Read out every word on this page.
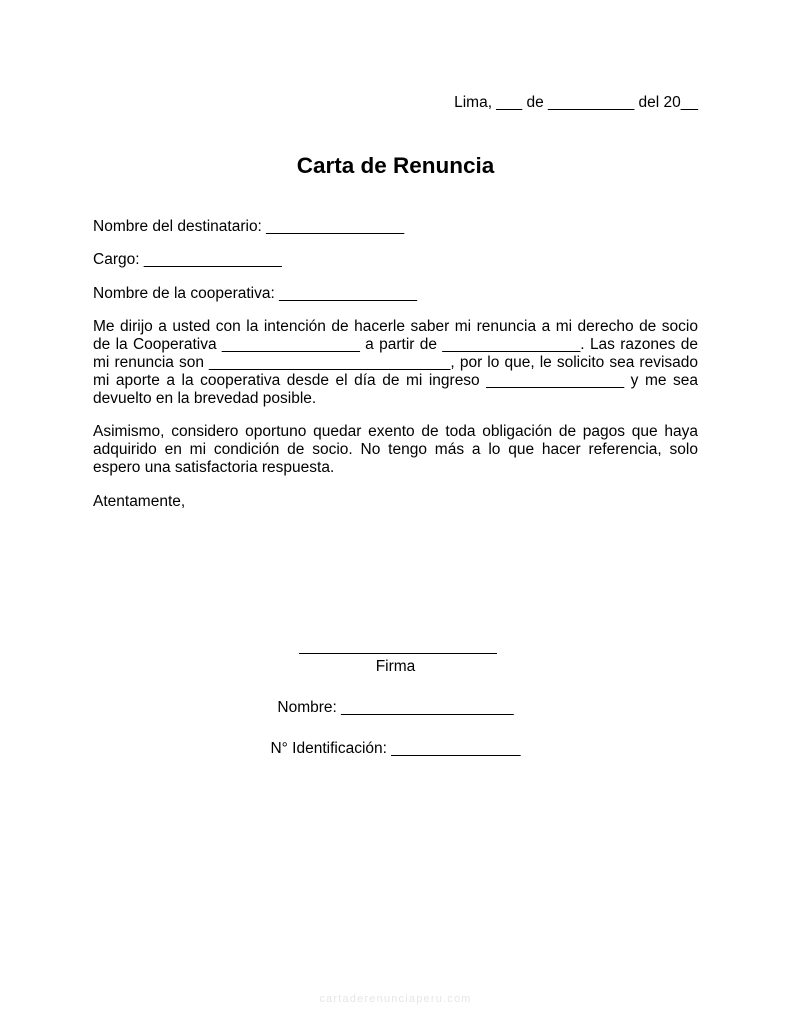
Lima, ___ de __________ del 20__
Carta de Renuncia
Nombre del destinatario: ________________
Cargo: ________________
Nombre de la cooperativa: ________________
Me dirijo a usted con la intención de hacerle saber mi renuncia a mi derecho de socio
de la Cooperativa ________________ a partir de ________________. Las razones de
mi renuncia son ____________________________, por lo que, le solicito sea revisado
mi aporte a la cooperativa desde el día de mi ingreso ________________ y me sea
devuelto en la brevedad posible.
Asimismo, considero oportuno quedar exento de toda obligación de pagos que haya
adquirido en mi condición de socio. No tengo más a lo que hacer referencia, solo
espero una satisfactoria respuesta.
Atentamente,
Firma
Nombre: ____________________
N° Identificación: _______________
cartaderenunciaperu.com
